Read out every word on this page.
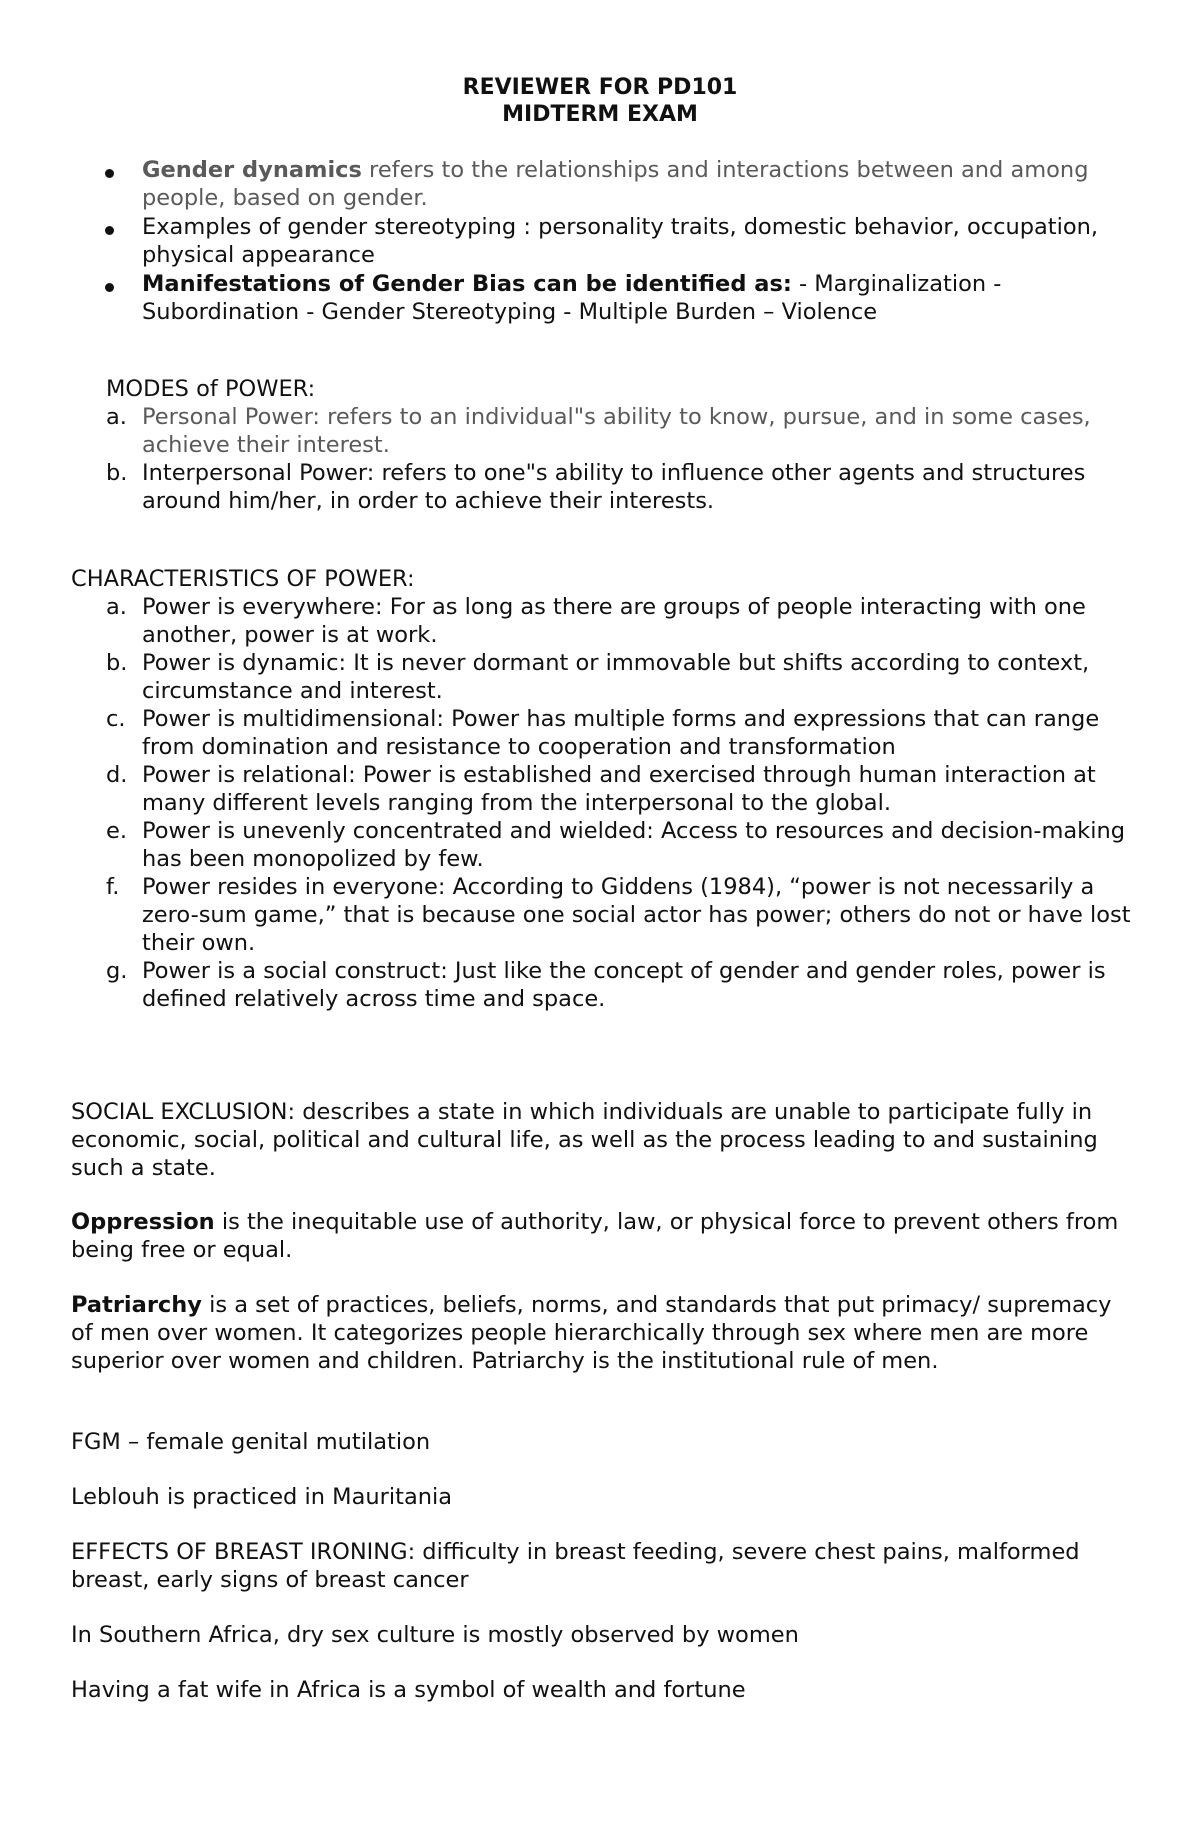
REVIEWER FOR PD101
MIDTERM EXAM
Gender dynamics refers to the relationships and interactions between and among people, based on gender.
Examples of gender stereotyping : personality traits, domestic behavior, occupation, physical appearance
Manifestations of Gender Bias can be identified as: - Marginalization - Subordination - Gender Stereotyping - Multiple Burden – Violence
MODES of POWER:
a. Personal Power: refers to an individual"s ability to know, pursue, and in some cases, achieve their interest.
b. Interpersonal Power: refers to one"s ability to influence other agents and structures around him/her, in order to achieve their interests.
CHARACTERISTICS OF POWER:
a. Power is everywhere: For as long as there are groups of people interacting with one another, power is at work.
b. Power is dynamic: It is never dormant or immovable but shifts according to context, circumstance and interest.
c. Power is multidimensional: Power has multiple forms and expressions that can range from domination and resistance to cooperation and transformation
d. Power is relational: Power is established and exercised through human interaction at many different levels ranging from the interpersonal to the global.
e. Power is unevenly concentrated and wielded: Access to resources and decision-making has been monopolized by few.
f. Power resides in everyone: According to Giddens (1984), “power is not necessarily a zero-sum game,” that is because one social actor has power; others do not or have lost their own.
g. Power is a social construct: Just like the concept of gender and gender roles, power is defined relatively across time and space.
SOCIAL EXCLUSION: describes a state in which individuals are unable to participate fully in economic, social, political and cultural life, as well as the process leading to and sustaining such a state.
Oppression is the inequitable use of authority, law, or physical force to prevent others from being free or equal.
Patriarchy is a set of practices, beliefs, norms, and standards that put primacy/ supremacy of men over women. It categorizes people hierarchically through sex where men are more superior over women and children. Patriarchy is the institutional rule of men.
FGM – female genital mutilation
Leblouh is practiced in Mauritania
EFFECTS OF BREAST IRONING: difficulty in breast feeding, severe chest pains, malformed breast, early signs of breast cancer
In Southern Africa, dry sex culture is mostly observed by women
Having a fat wife in Africa is a symbol of wealth and fortune
